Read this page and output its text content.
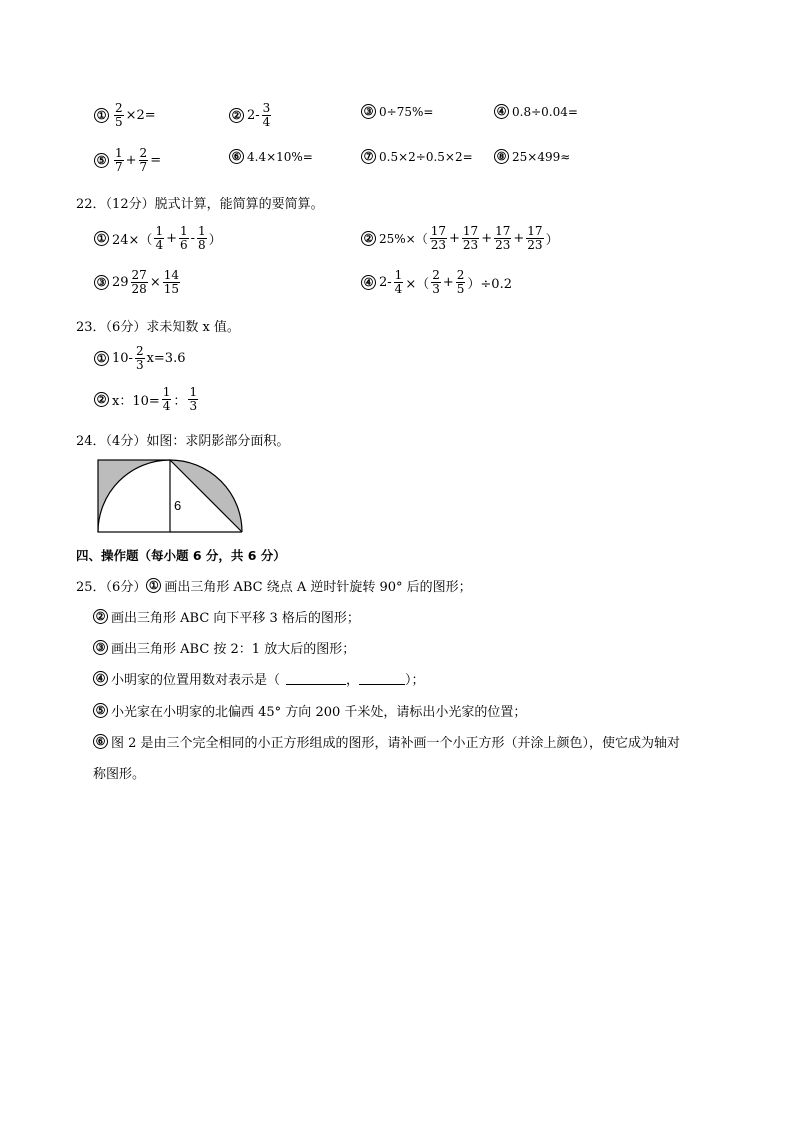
① $\frac{2}{5} \times 2=$	② $2- \frac{3}{4}$	③ 0÷75%=	④ 0.8÷0.04=
⑤ $\frac{1}{7} + \frac{2}{7}$ =	⑥ 4.4×10%=	⑦ 0.5×2÷0.5×2= ⑧ 25×499≈
22．（12分）脱式计算，能简算的要简算。
① $24\times( \frac{1}{4} + \frac{1}{6} - \frac{1}{8}$ ）	② $25\%\times( \frac{17}{23} + \frac{17}{23} + \frac{17}{23} + \frac{17}{23}$ ）
③ $29 \frac{27}{28} \times \frac{14}{15}$	④ $2- \frac{1}{4}$ ×（ $\frac{2}{3} + \frac{2}{5} )\div 0.2$
23．（6分）求未知数 x 值。
① $10- \frac{2}{3} x=3.6$
② x：$10= \frac{1}{4}$ ： $\frac{1}{3}$
24．（4分）如图：求阴影部分面积。
6
四、操作题（每小题 6 分，共 6 分）
25．（6分） ① 画出三角形 ABC 绕点 A 逆时针旋转 90° 后的图形；
② 画出三角形 ABC 向下平移 3 格后的图形；
③ 画出三角形 ABC 按 2：1 放大后的图形；
④ 小明家的位置用数对表示是（	，	）；
⑤ 小光家在小明家的北偏西 45° 方向 200 千米处，请标出小光家的位置；
⑥ 图 2 是由三个完全相同的小正方形组成的图形，请补画一个小正方形（并涂上颜色），使它成为轴对
称图形。
